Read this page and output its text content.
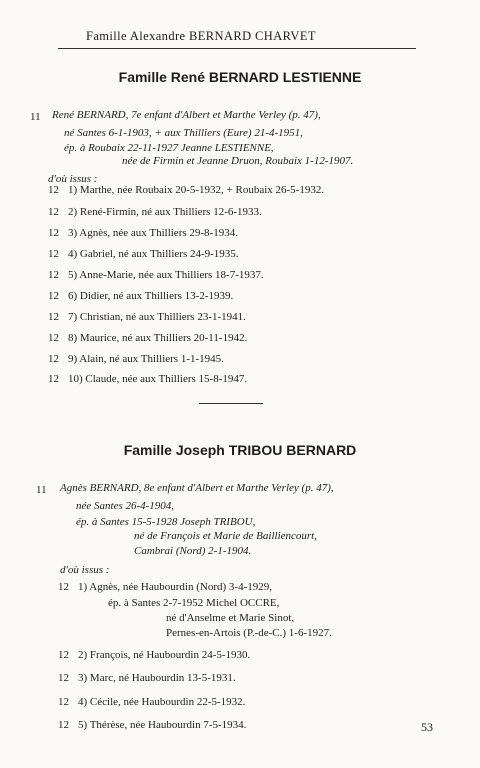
Famille Alexandre BERNARD CHARVET
Famille René BERNARD LESTIENNE
11 René BERNARD, 7e enfant d'Albert et Marthe Verley (p. 47),
né Santes 6-1-1903, + aux Thilliers (Eure) 21-4-1951,
ép. à Roubaix 22-11-1927 Jeanne LESTIENNE,
née de Firmin et Jeanne Druon, Roubaix 1-12-1907.
d'où issus :
12 1) Marthe, née Roubaix 20-5-1932, + Roubaix 26-5-1932.
12 2) René-Firmin, né aux Thilliers 12-6-1933.
12 3) Agnès, née aux Thilliers 29-8-1934.
12 4) Gabriel, né aux Thilliers 24-9-1935.
12 5) Anne-Marie, née aux Thilliers 18-7-1937.
12 6) Didier, né aux Thilliers 13-2-1939.
12 7) Christian, né aux Thilliers 23-1-1941.
12 8) Maurice, né aux Thilliers 20-11-1942.
12 9) Alain, né aux Thilliers 1-1-1945.
12 10) Claude, née aux Thilliers 15-8-1947.
Famille Joseph TRIBOU BERNARD
11 Agnès BERNARD, 8e enfant d'Albert et Marthe Verley (p. 47),
née Santes 26-4-1904,
ép. à Santes 15-5-1928 Joseph TRIBOU,
né de François et Marie de Bailliencourt,
Cambrai (Nord) 2-1-1904.
d'où issus :
12 1) Agnès, née Haubourdin (Nord) 3-4-1929,
ép. à Santes 2-7-1952 Michel OCCRE,
né d'Anselme et Marie Sinot,
Pernes-en-Artois (P.-de-C.) 1-6-1927.
12 2) François, né Haubourdin 24-5-1930.
12 3) Marc, né Haubourdin 13-5-1931.
12 4) Cécile, née Haubourdin 22-5-1932.
12 5) Thérèse, née Haubourdin 7-5-1934.	53
